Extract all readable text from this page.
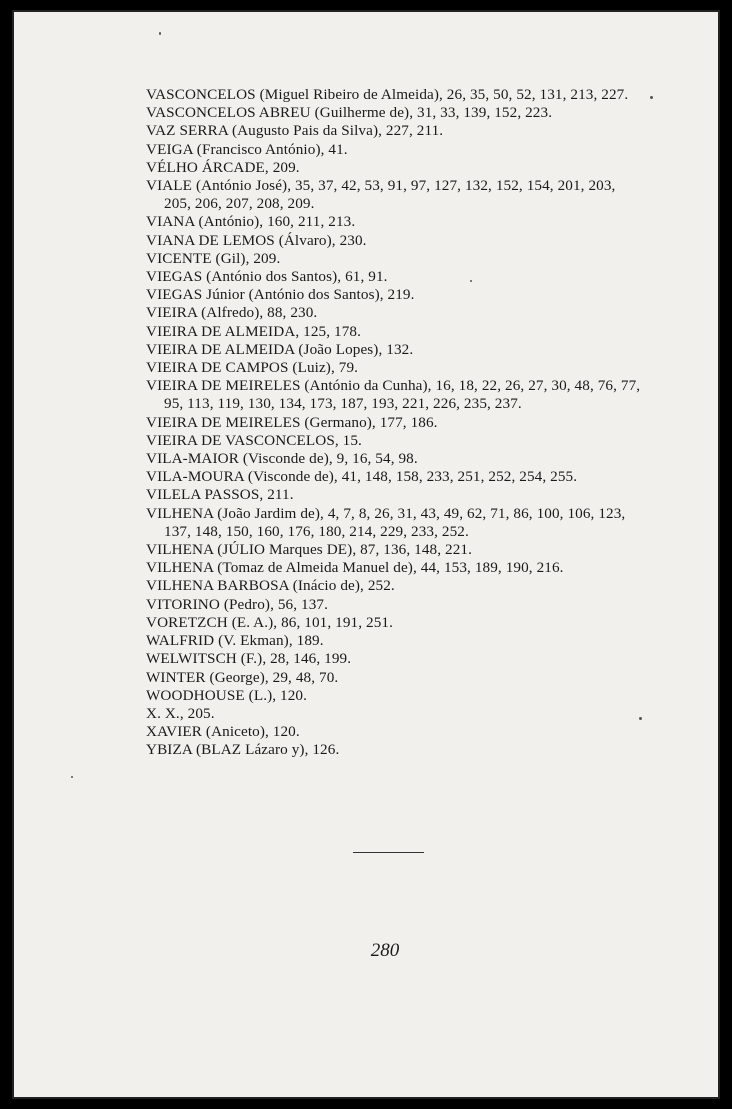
VASCONCELOS (Miguel Ribeiro de Almeida), 26, 35, 50, 52, 131, 213, 227.

VASCONCELOS ABREU (Guilherme de), 31, 33, 139, 152, 223.

VAZ SERRA (Augusto Pais da Silva), 227, 211.

VEIGA (Francisco António), 41.

VÉLHO ÁRCADE, 209.

VIALE (António José), 35, 37, 42, 53, 91, 97, 127, 132, 152, 154, 201, 203, 205, 206, 207, 208, 209.

VIANA (António), 160, 211, 213.

VIANA DE LEMOS (Álvaro), 230.

VICENTE (Gil), 209.

VIEGAS (António dos Santos), 61, 91.

VIEGAS Júnior (António dos Santos), 219.

VIEIRA (Alfredo), 88, 230.

VIEIRA DE ALMEIDA, 125, 178.

VIEIRA DE ALMEIDA (João Lopes), 132.

VIEIRA DE CAMPOS (Luiz), 79.

VIEIRA DE MEIRELES (António da Cunha), 16, 18, 22, 26, 27, 30, 48, 76, 77, 95, 113, 119, 130, 134, 173, 187, 193, 221, 226, 235, 237.

VIEIRA DE MEIRELES (Germano), 177, 186.

VIEIRA DE VASCONCELOS, 15.

VILA-MAIOR (Visconde de), 9, 16, 54, 98.

VILA-MOURA (Visconde de), 41, 148, 158, 233, 251, 252, 254, 255.

VILELA PASSOS, 211.

VILHENA (João Jardim de), 4, 7, 8, 26, 31, 43, 49, 62, 71, 86, 100, 106, 123, 137, 148, 150, 160, 176, 180, 214, 229, 233, 252.

VILHENA (JÚLIO Marques DE), 87, 136, 148, 221.

VILHENA (Tomaz de Almeida Manuel de), 44, 153, 189, 190, 216.

VILHENA BARBOSA (Inácio de), 252.

VITORINO (Pedro), 56, 137.

VORETZCH (E. A.), 86, 101, 191, 251.

WALFRID (V. Ekman), 189.

WELWITSCH (F.), 28, 146, 199.

WINTER (George), 29, 48, 70.

WOODHOUSE (L.), 120.

X. X., 205.

XAVIER (Aniceto), 120.

YBIZA (BLAZ Lázaro y), 126.

280
